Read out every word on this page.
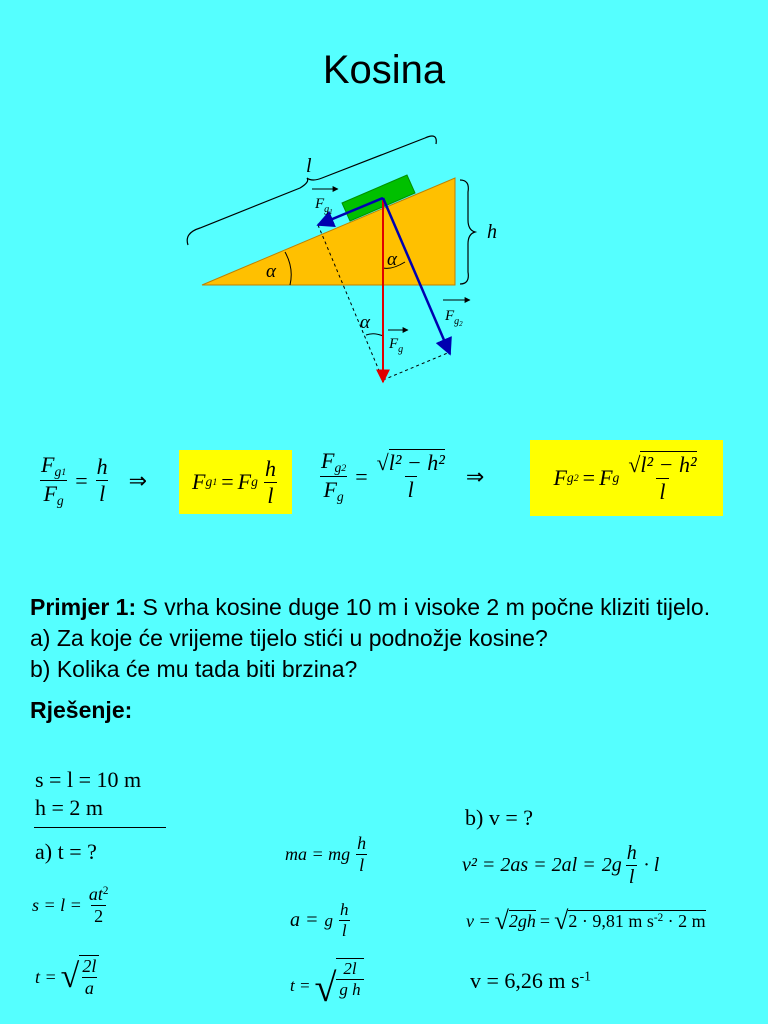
Kosina
l
h
α
α
α
$F_g1$
$F_g2$
$F_g$
$\frac{F_{g1}}{F_g} = \frac{h}{l}$ ⇒ F g 1 = F g $\frac{h}{l} \frac{F_{g2}}{F_g} = \frac{\text{√l² − h²}}{l}$ ⇒	F g 2 = F g $\frac{\text{√l² − h²}}{l}$
Primjer 1: S vrha kosine duge 10 m i visoke 2 m počne kliziti tijelo.
a) Za koje će vrijeme tijelo stići u podnožje kosine?
b) Kolika će mu tada biti brzina?
Rješenje:
s = l = 10 m
h = 2 m
a) t = ?
$s = l = \frac{at^2}{2}$
t = √ $\frac{2l}{a}$
ma = mg $\frac{h}{l}$
a = g $\frac{h}{l}$
t = √ $\frac{2l}{\text{g h}}$
b) v = ?
$v^2 = 2as = 2al = 2g \frac{h}{l} \cdot l$
v = √ 2gh = √ 2 · 9,81 m $s^{-2} \cdot 2$ m
v = 6,26 m $s^{-1}$
